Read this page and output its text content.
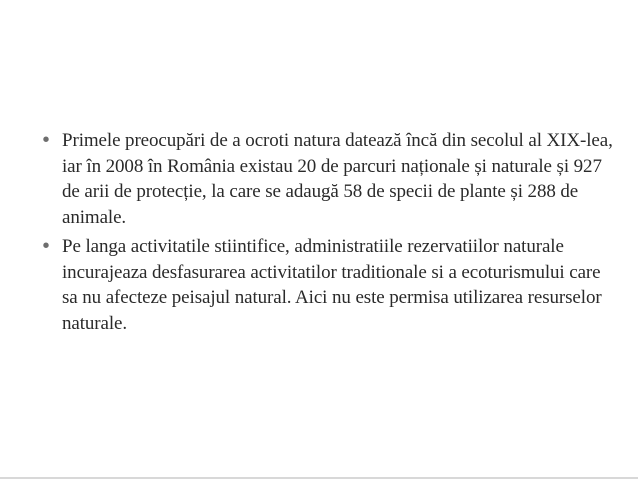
• Primele preocupări de a ocroti natura datează încă din secolul al XIX-lea, iar în 2008 în România existau 20 de parcuri naționale și naturale și 927 de arii de protecție, la care se adaugă 58 de specii de plante și 288 de animale.
• Pe langa activitatile stiintifice, administratiile rezervatiilor naturale incurajeaza desfasurarea activitatilor traditionale si a ecoturismului care sa nu afecteze peisajul natural. Aici nu este permisa utilizarea resurselor naturale.
